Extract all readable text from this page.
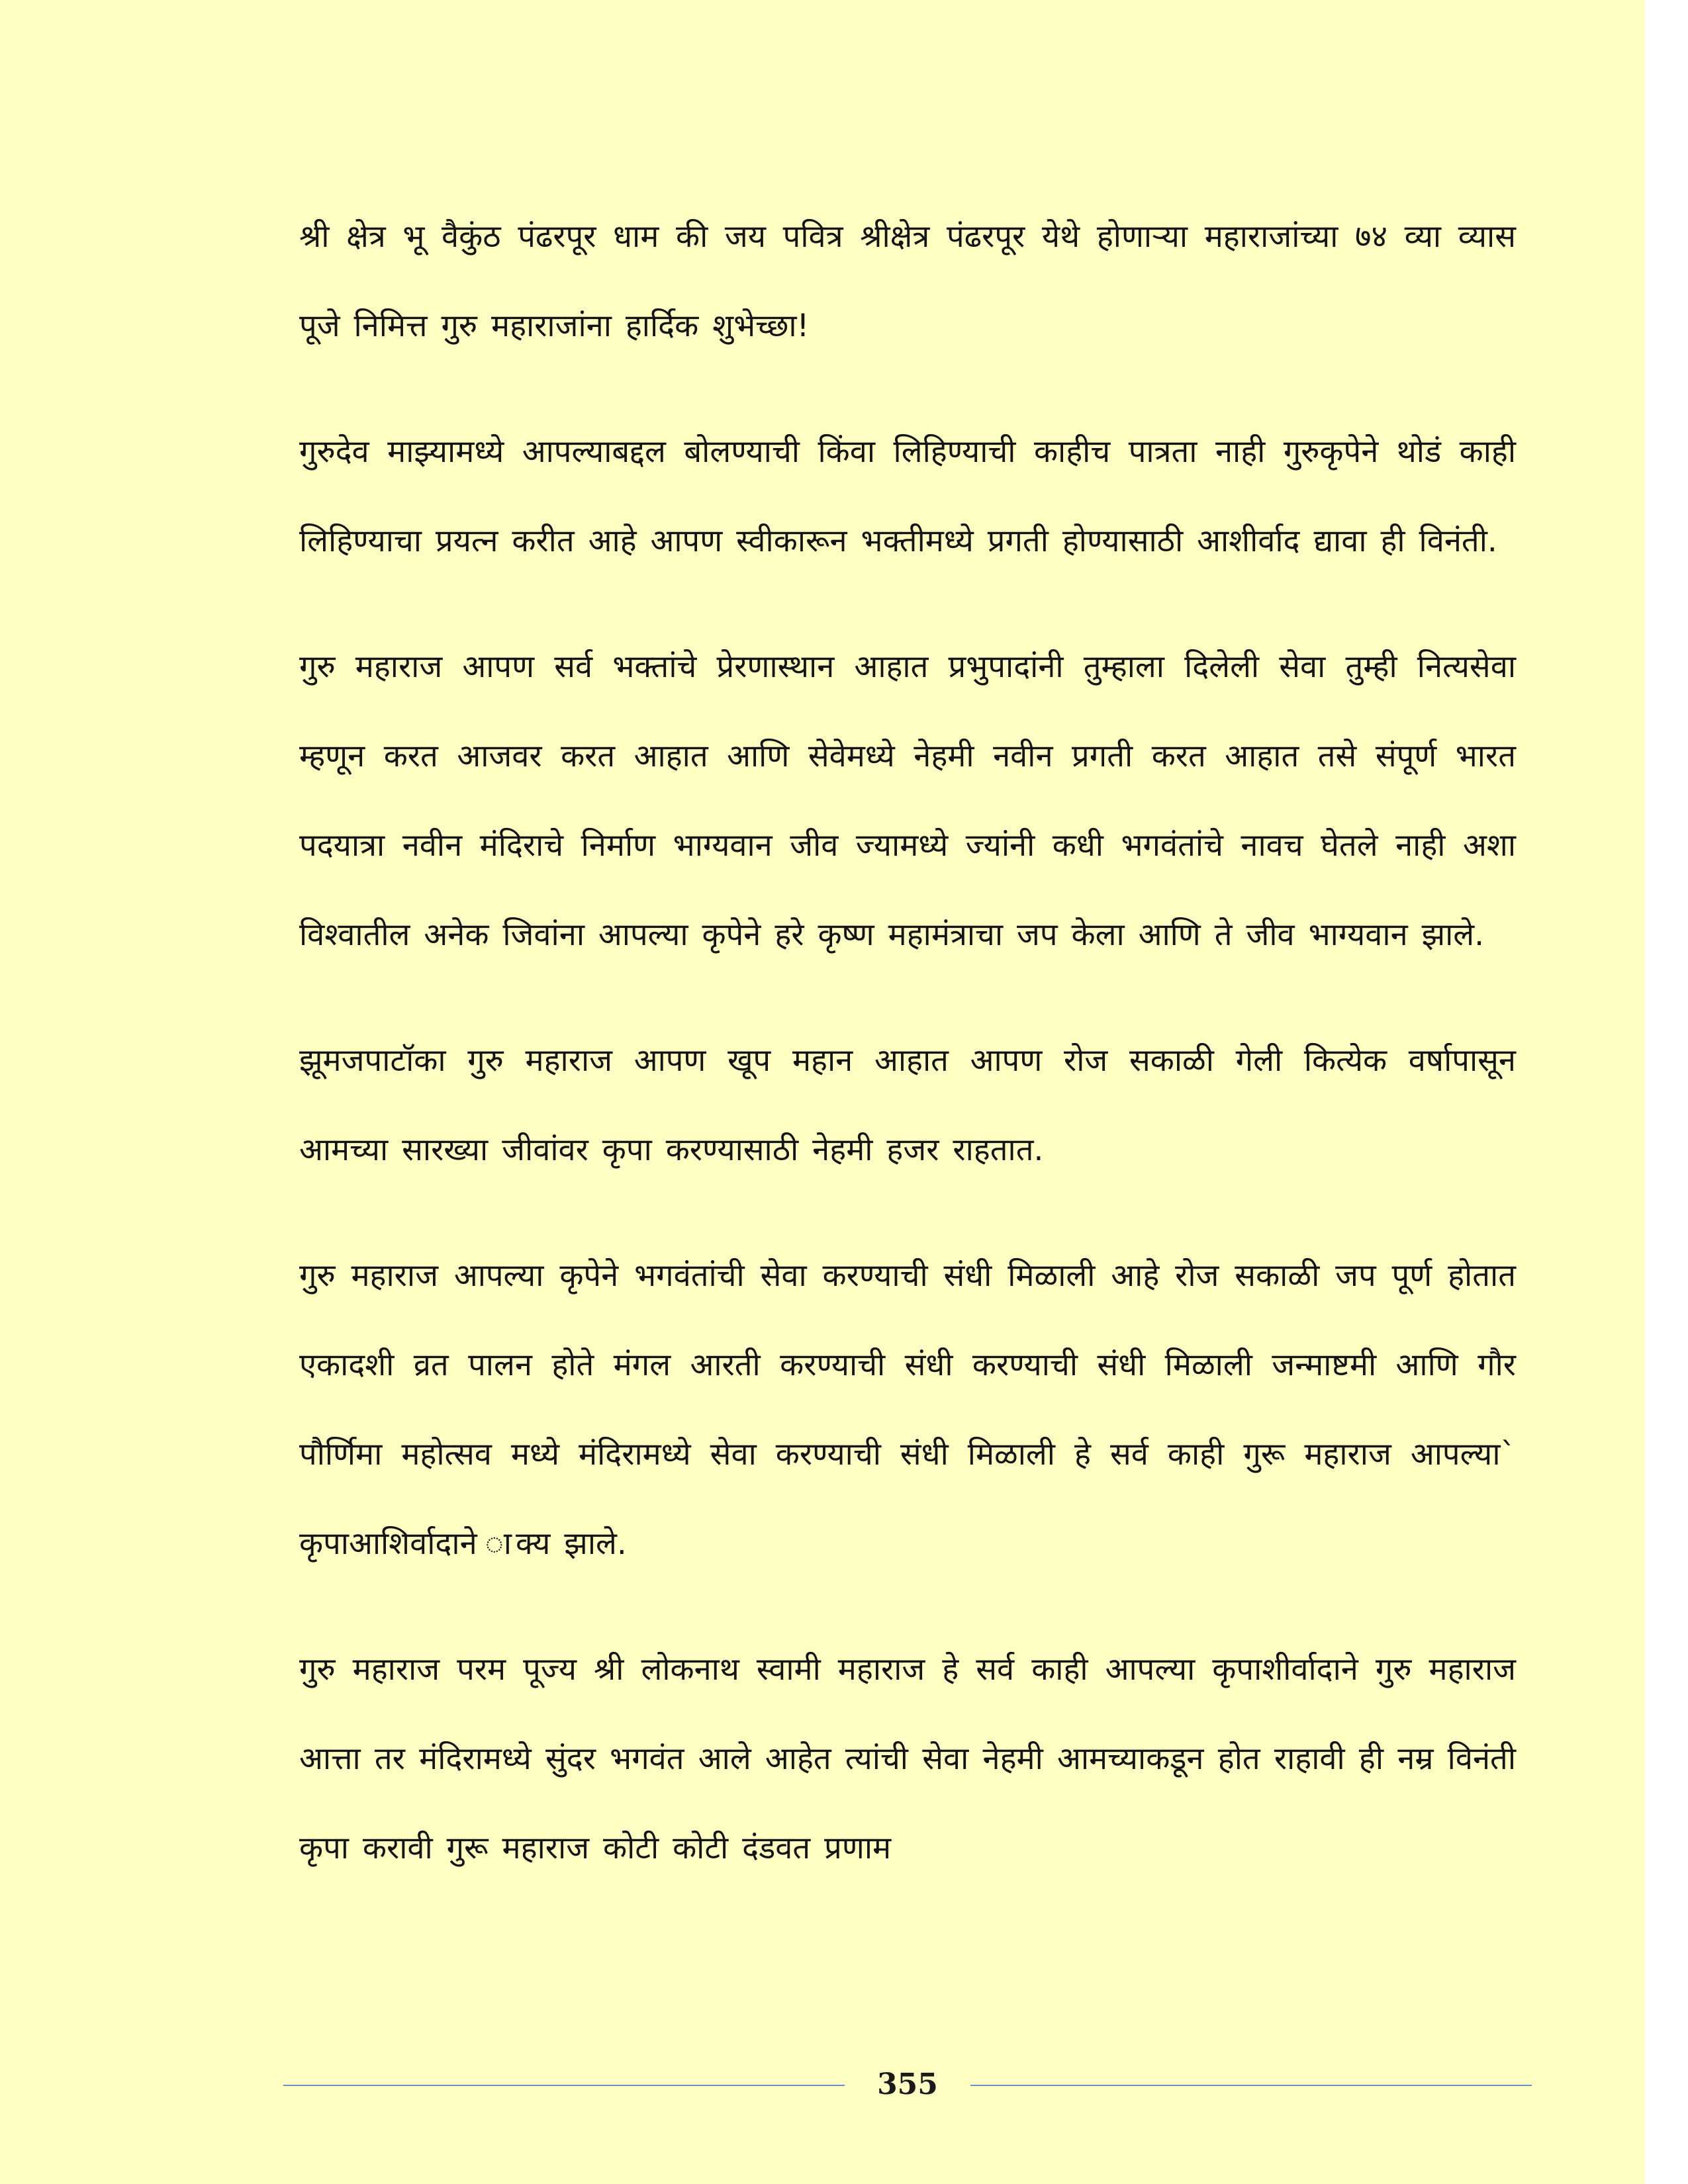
श्री क्षेत्र भू वैकुंठ पंढरपूर धाम की जय पवित्र श्रीक्षेत्र पंढरपूर येथे होणाऱ्या महाराजांच्या ७४ व्या व्यास पूजे निमित्त गुरु महाराजांना हार्दिक शुभेच्छा!

गुरुदेव माझ्यामध्ये आपल्याबद्दल बोलण्याची किंवा लिहिण्याची काहीच पात्रता नाही गुरुकृपेने थोडं काही लिहिण्याचा प्रयत्न करीत आहे आपण स्वीकारून भक्तीमध्ये प्रगती होण्यासाठी आशीर्वाद द्यावा ही विनंती.

गुरु महाराज आपण सर्व भक्तांचे प्रेरणास्थान आहात प्रभुपादांनी तुम्हाला दिलेली सेवा तुम्ही नित्यसेवा म्हणून करत आजवर करत आहात आणि सेवेमध्ये नेहमी नवीन प्रगती करत आहात तसे संपूर्ण भारत पदयात्रा नवीन मंदिराचे निर्माण भाग्यवान जीव ज्यामध्ये ज्यांनी कधी भगवंतांचे नावच घेतले नाही अशा विश्वातील अनेक जिवांना आपल्या कृपेने हरे कृष्ण महामंत्राचा जप केला आणि ते जीव भाग्यवान झाले.

झूमजपाटॉका गुरु महाराज आपण खूप महान आहात आपण रोज सकाळी गेली कित्येक वर्षापासून आमच्या सारख्या जीवांवर कृपा करण्यासाठी नेहमी हजर राहतात.

गुरु महाराज आपल्या कृपेने भगवंतांची सेवा करण्याची संधी मिळाली आहे रोज सकाळी जप पूर्ण होतात एकादशी व्रत पालन होते मंगल आरती करण्याची संधी करण्याची संधी मिळाली जन्माष्टमी आणि गौर पौर्णिमा महोत्सव मध्ये मंदिरामध्ये सेवा करण्याची संधी मिळाली हे सर्व काही गुरू महाराज आपल्या` कृपाआशिर्वादाने ाक्य झाले.

गुरु महाराज परम पूज्य श्री लोकनाथ स्वामी महाराज हे सर्व काही आपल्या कृपाशीर्वादाने गुरु महाराज आत्ता तर मंदिरामध्ये सुंदर भगवंत आले आहेत त्यांची सेवा नेहमी आमच्याकडून होत राहावी ही नम्र विनंती कृपा करावी गुरू महाराज कोटी कोटी दंडवत प्रणाम

355
